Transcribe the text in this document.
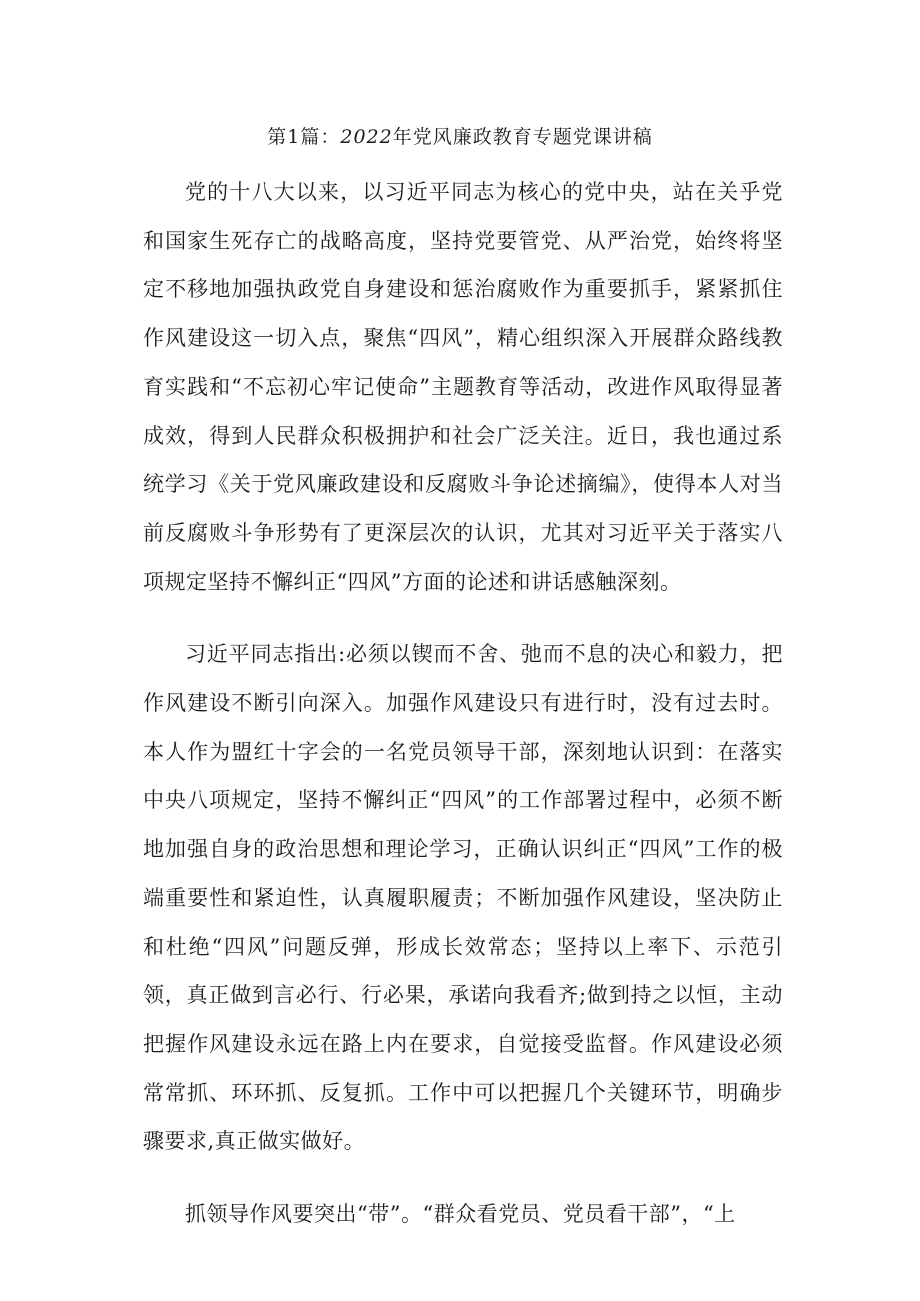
第1篇：2022年党风廉政教育专题党课讲稿

党的十八大以来，以习近平同志为核心的党中央，站在关乎党和国家生死存亡的战略高度，坚持党要管党、从严治党，始终将坚定不移地加强执政党自身建设和惩治腐败作为重要抓手，紧紧抓住作风建设这一切入点，聚焦“四风”，精心组织深入开展群众路线教育实践和“不忘初心牢记使命”主题教育等活动，改进作风取得显著成效，得到人民群众积极拥护和社会广泛关注。近日，我也通过系统学习《关于党风廉政建设和反腐败斗争论述摘编》，使得本人对当前反腐败斗争形势有了更深层次的认识，尤其对习近平关于落实八项规定坚持不懈纠正“四风”方面的论述和讲话感触深刻。

习近平同志指出:必须以锲而不舍、弛而不息的决心和毅力，把作风建设不断引向深入。加强作风建设只有进行时，没有过去时。本人作为盟红十字会的一名党员领导干部，深刻地认识到：在落实中央八项规定，坚持不懈纠正“四风”的工作部署过程中，必须不断地加强自身的政治思想和理论学习，正确认识纠正“四风”工作的极端重要性和紧迫性，认真履职履责；不断加强作风建设，坚决防止和杜绝“四风”问题反弹，形成长效常态；坚持以上率下、示范引领，真正做到言必行、行必果，承诺向我看齐;做到持之以恒，主动把握作风建设永远在路上内在要求，自觉接受监督。作风建设必须常常抓、环环抓、反复抓。工作中可以把握几个关键环节，明确步骤要求,真正做实做好。

抓领导作风要突出“带”。“群众看党员、党员看干部”，“上
